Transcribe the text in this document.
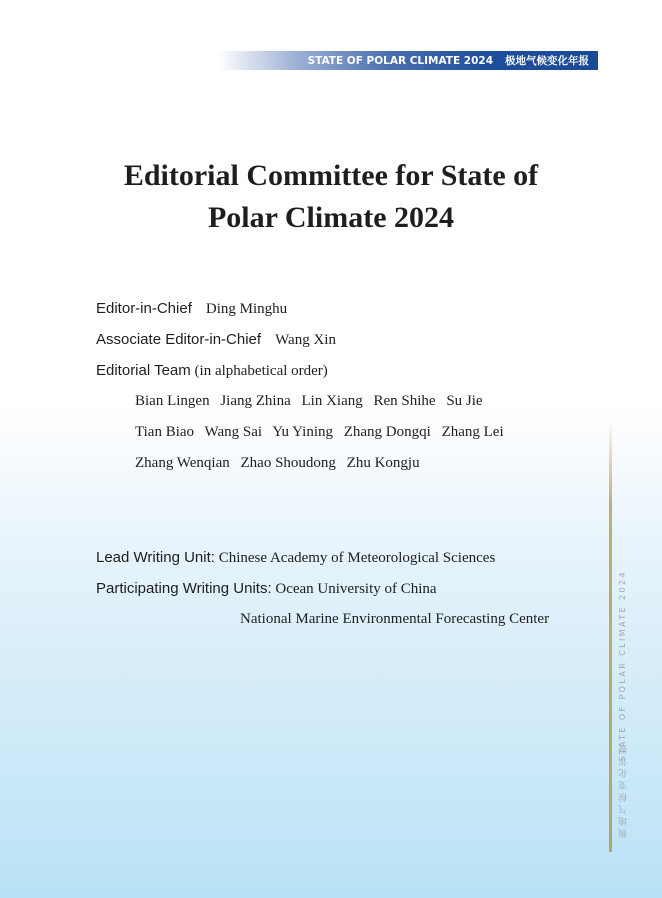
STATE OF POLAR CLIMATE 2024 极地气候变化年报
Editorial Committee for State of
Polar Climate 2024
Editor-in-Chief Ding Minghu
Associate Editor-in-Chief Wang Xin
Editorial Team (in alphabetical order)
Bian Lingen Jiang Zhina Lin Xiang Ren Shihe Su Jie
Tian Biao Wang Sai Yu Yining Zhang Dongqi Zhang Lei
Zhang Wenqian Zhao Shoudong Zhu Kongju
Lead Writing Unit: Chinese Academy of Meteorological Sciences
Participating Writing Units: Ocean University of China
National Marine Environmental Forecasting Center	STATE OF POLAR CLIMATE 2024
极地气候变化年报
